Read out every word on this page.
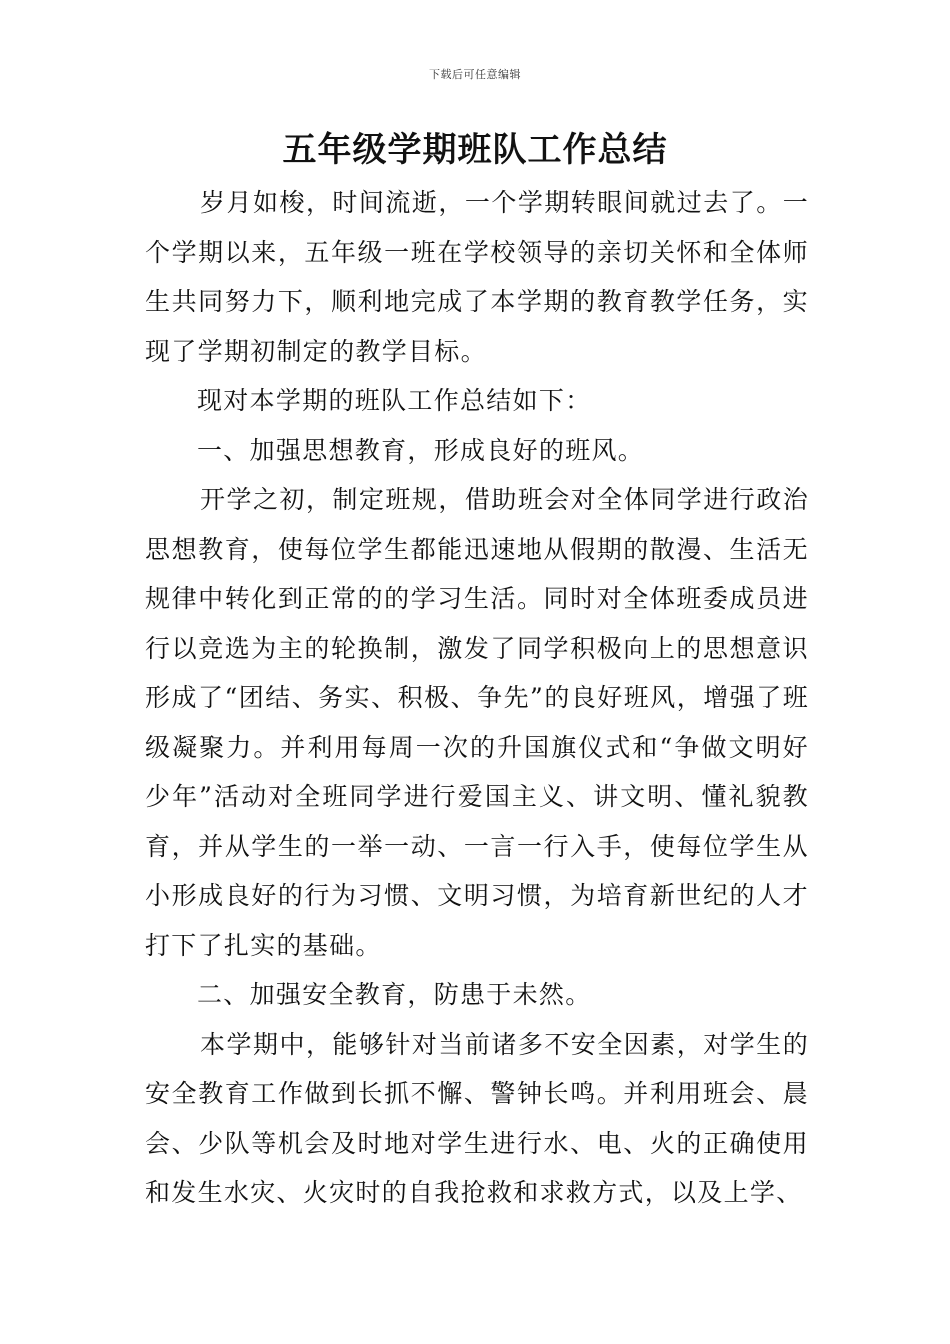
下载后可任意编辑
五年级学期班队工作总结

岁月如梭，时间流逝，一个学期转眼间就过去了。一个学期以来，五年级一班在学校领导的亲切关怀和全体师生共同努力下，顺利地完成了本学期的教育教学任务，实现了学期初制定的教学目标。

现对本学期的班队工作总结如下：

一、加强思想教育，形成良好的班风。

开学之初，制定班规，借助班会对全体同学进行政治思想教育，使每位学生都能迅速地从假期的散漫、生活无规律中转化到正常的的学习生活。同时对全体班委成员进行以竞选为主的轮换制，激发了同学积极向上的思想意识形成了“团结、务实、积极、争先”的良好班风，增强了班级凝聚力。并利用每周一次的升国旗仪式和“争做文明好少年”活动对全班同学进行爱国主义、讲文明、懂礼貌教育，并从学生的一举一动、一言一行入手，使每位学生从小形成良好的行为习惯、文明习惯，为培育新世纪的人才打下了扎实的基础。

二、加强安全教育，防患于未然。

本学期中，能够针对当前诸多不安全因素，对学生的安全教育工作做到长抓不懈、警钟长鸣。并利用班会、晨会、少队等机会及时地对学生进行水、电、火的正确使用和发生水灾、火灾时的自我抢救和求救方式，以及上学、
